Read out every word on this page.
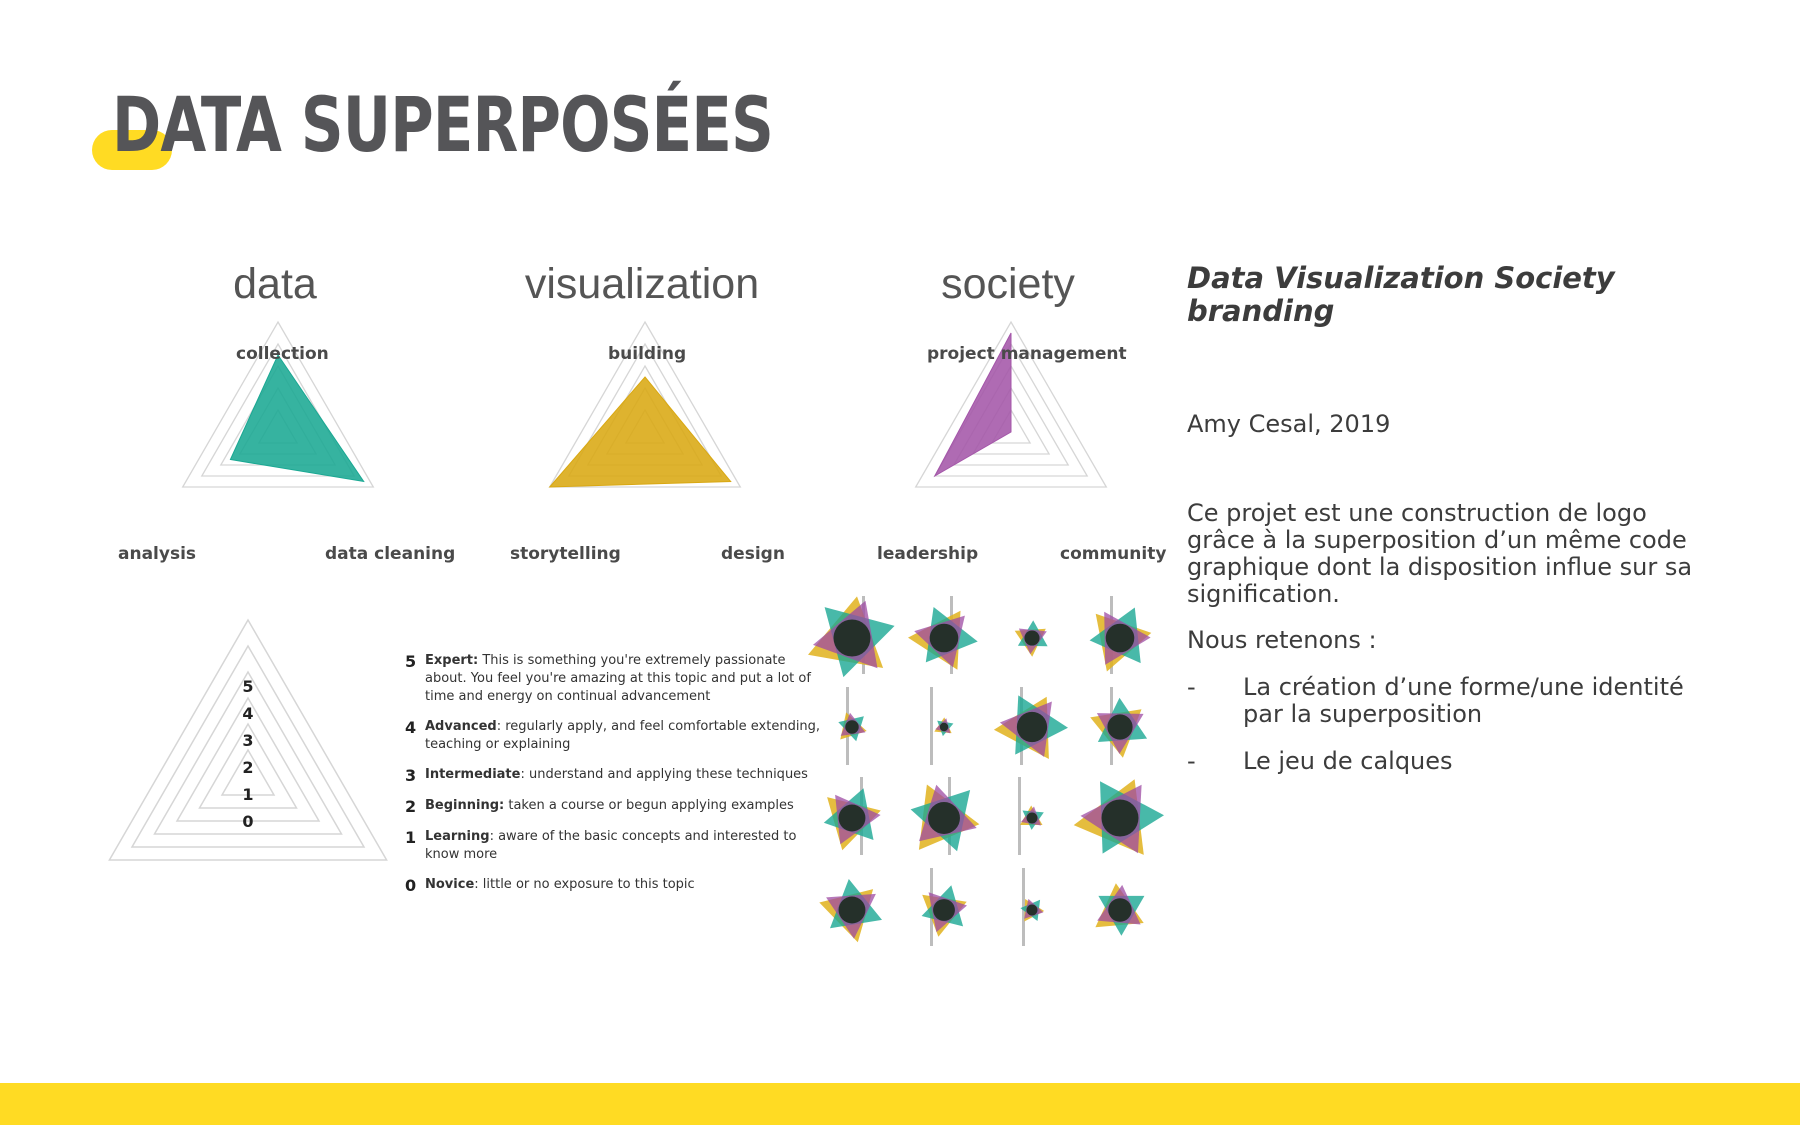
DATA SUPERPOSÉES
5
4
3
2
1
0
data	visualization	society
collection
analysis	data cleaning
building
storytelling	design
project management
leadership	community
5 Expert: This is something you're extremely passionate about. You feel you're amazing at this topic and put a lot of time and energy on continual advancement
4 Advanced: regularly apply, and feel comfortable extending, teaching or explaining
3 Intermediate: understand and applying these techniques
2 Beginning: taken a course or begun applying examples
1 Learning: aware of the basic concepts and interested to know more
0 Novice: little or no exposure to this topic
Data Visualization Society branding

Amy Cesal, 2019

Ce projet est une construction de logo grâce à la superposition d’un même code graphique dont la disposition influe sur sa signification.

Nous retenons :

-	La création d’une forme/une identité par la superposition
-	Le jeu de calques
